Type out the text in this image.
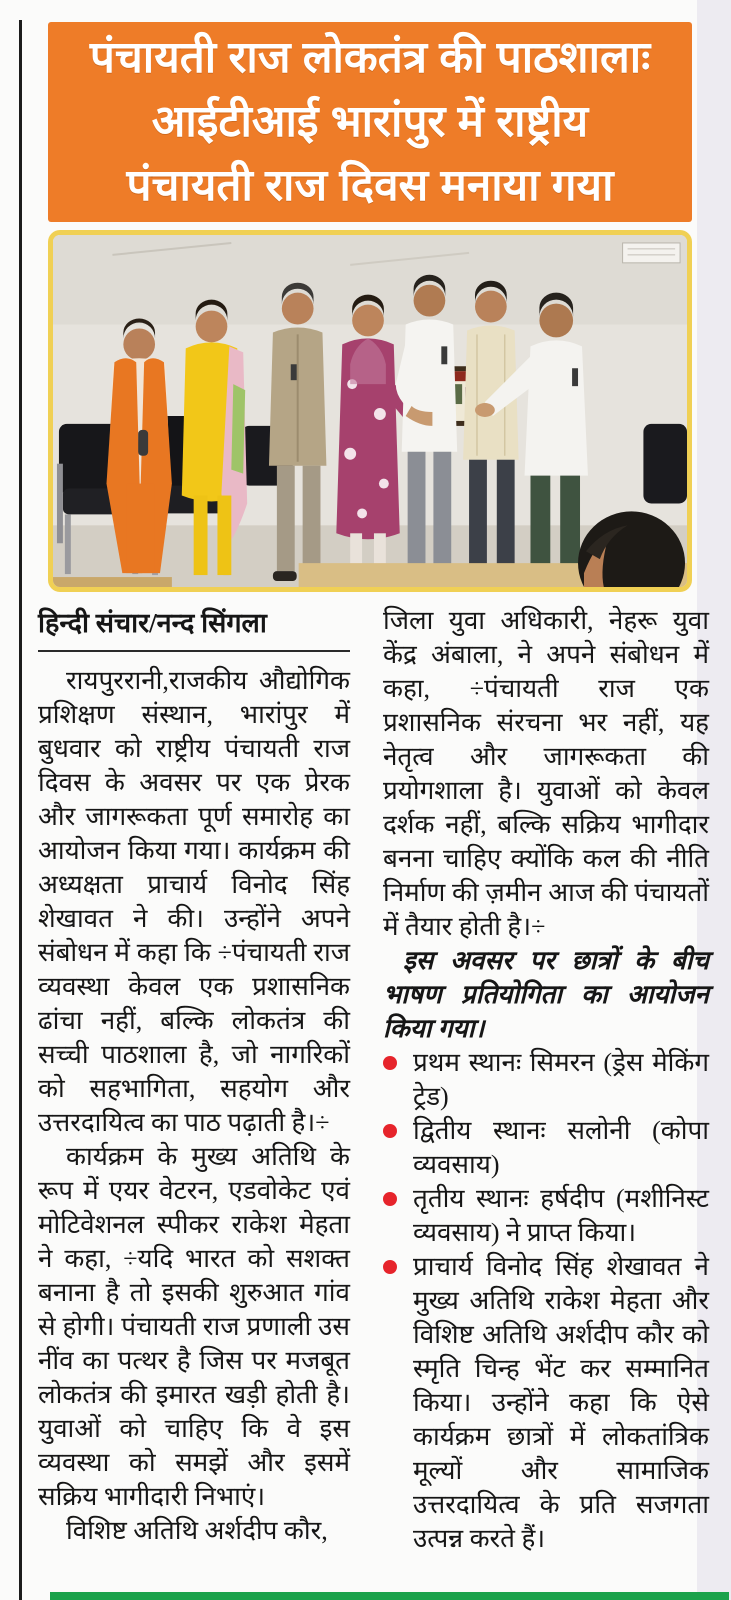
पंचायती राज लोकतंत्र की पाठशालाः
आईटीआई भारांपुर में राष्ट्रीय
पंचायती राज दिवस मनाया गया
हिन्दी संचार/नन्द सिंगला

रायपुररानी,राजकीय औद्योगिक प्रशिक्षण संस्थान, भारांपुर में बुधवार को राष्ट्रीय पंचायती राज दिवस के अवसर पर एक प्रेरक और जागरूकता पूर्ण समारोह का आयोजन किया गया। कार्यक्रम की अध्यक्षता प्राचार्य विनोद सिंह शेखावत ने की। उन्होंने अपने संबोधन में कहा कि ÷पंचायती राज व्यवस्था केवल एक प्रशासनिक ढांचा नहीं, बल्कि लोकतंत्र की सच्ची पाठशाला है, जो नागरिकों को सहभागिता, सहयोग और उत्तरदायित्व का पाठ पढ़ाती है।÷

कार्यक्रम के मुख्य अतिथि के रूप में एयर वेटरन, एडवोकेट एवं मोटिवेशनल स्पीकर राकेश मेहता ने कहा, ÷यदि भारत को सशक्त बनाना है तो इसकी शुरुआत गांव से होगी। पंचायती राज प्रणाली उस नींव का पत्थर है जिस पर मजबूत लोकतंत्र की इमारत खड़ी होती है। युवाओं को चाहिए कि वे इस व्यवस्था को समझें और इसमें सक्रिय भागीदारी निभाएं।

विशिष्ट अतिथि अर्शदीप कौर,

जिला युवा अधिकारी, नेहरू युवा केंद्र अंबाला, ने अपने संबोधन में कहा, ÷पंचायती राज एक प्रशासनिक संरचना भर नहीं, यह नेतृत्व और जागरूकता की प्रयोगशाला है। युवाओं को केवल दर्शक नहीं, बल्कि सक्रिय भागीदार बनना चाहिए क्योंकि कल की नीति निर्माण की ज़मीन आज की पंचायतों में तैयार होती है।÷

इस अवसर पर छात्रों के बीच भाषण प्रतियोगिता का आयोजन किया गया।

प्रथम स्थानः सिमरन (ड्रेस मेकिंग ट्रेड)
द्वितीय स्थानः सलोनी (कोपा व्यवसाय)
तृतीय स्थानः हर्षदीप (मशीनिस्ट व्यवसाय) ने प्राप्त किया।
प्राचार्य विनोद सिंह शेखावत ने मुख्य अतिथि राकेश मेहता और विशिष्ट अतिथि अर्शदीप कौर को स्मृति चिन्ह भेंट कर सम्मानित किया। उन्होंने कहा कि ऐसे कार्यक्रम छात्रों में लोकतांत्रिक मूल्यों और सामाजिक उत्तरदायित्व के प्रति सजगता उत्पन्न करते हैं।
